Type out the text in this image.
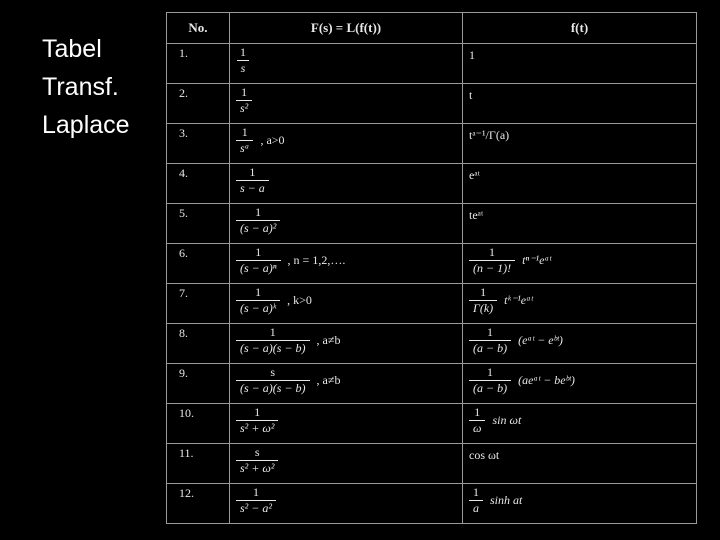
Tabel
Transf.
Laplace
No.	F(s) = L(f(t))	f(t)
1.	$\frac{1}{s}$	1
2.	$\frac{1}{\text{s²}}$	t
3.	$\frac{1}{\text{sᵃ}}$ , a>0	tᵃ⁻¹/Γ(a)
4.	$\frac{1}{s - a}$	eᵃᵗ
5.	$\frac{1}{\text{(s − a)²}}$	teᵃᵗ
6.	$\frac{1}{\text{(s − a)ⁿ}}$ , n = 1,2,….	$\frac{1}{(n - 1)!}$ tⁿ⁻¹eᵃᵗ

7.	$\frac{1}{\text{(s − a)ᵏ}}$ , k>0	$\frac{1}{\Gamma(k)}$ tᵏ⁻¹eᵃᵗ

8.	$\frac{1}{(s - a)(s - b)}$ , a≠b	$\frac{1}{(a - b)}$ (eᵃᵗ − eᵇᵗ)

9.	$\frac{s}{(s - a)(s - b)}$ , a≠b	$\frac{1}{(a - b)}$ (aeᵃᵗ − beᵇᵗ)

10.	$\frac{1}{\text{s² + ω²}}$	$\frac{1}{\omega}$ sin ωt

11.	$\frac{s}{\text{s² + ω²}}$	cos ωt
12.	$\frac{1}{\text{s² − a²}}$	$\frac{1}{a}$ sinh at
